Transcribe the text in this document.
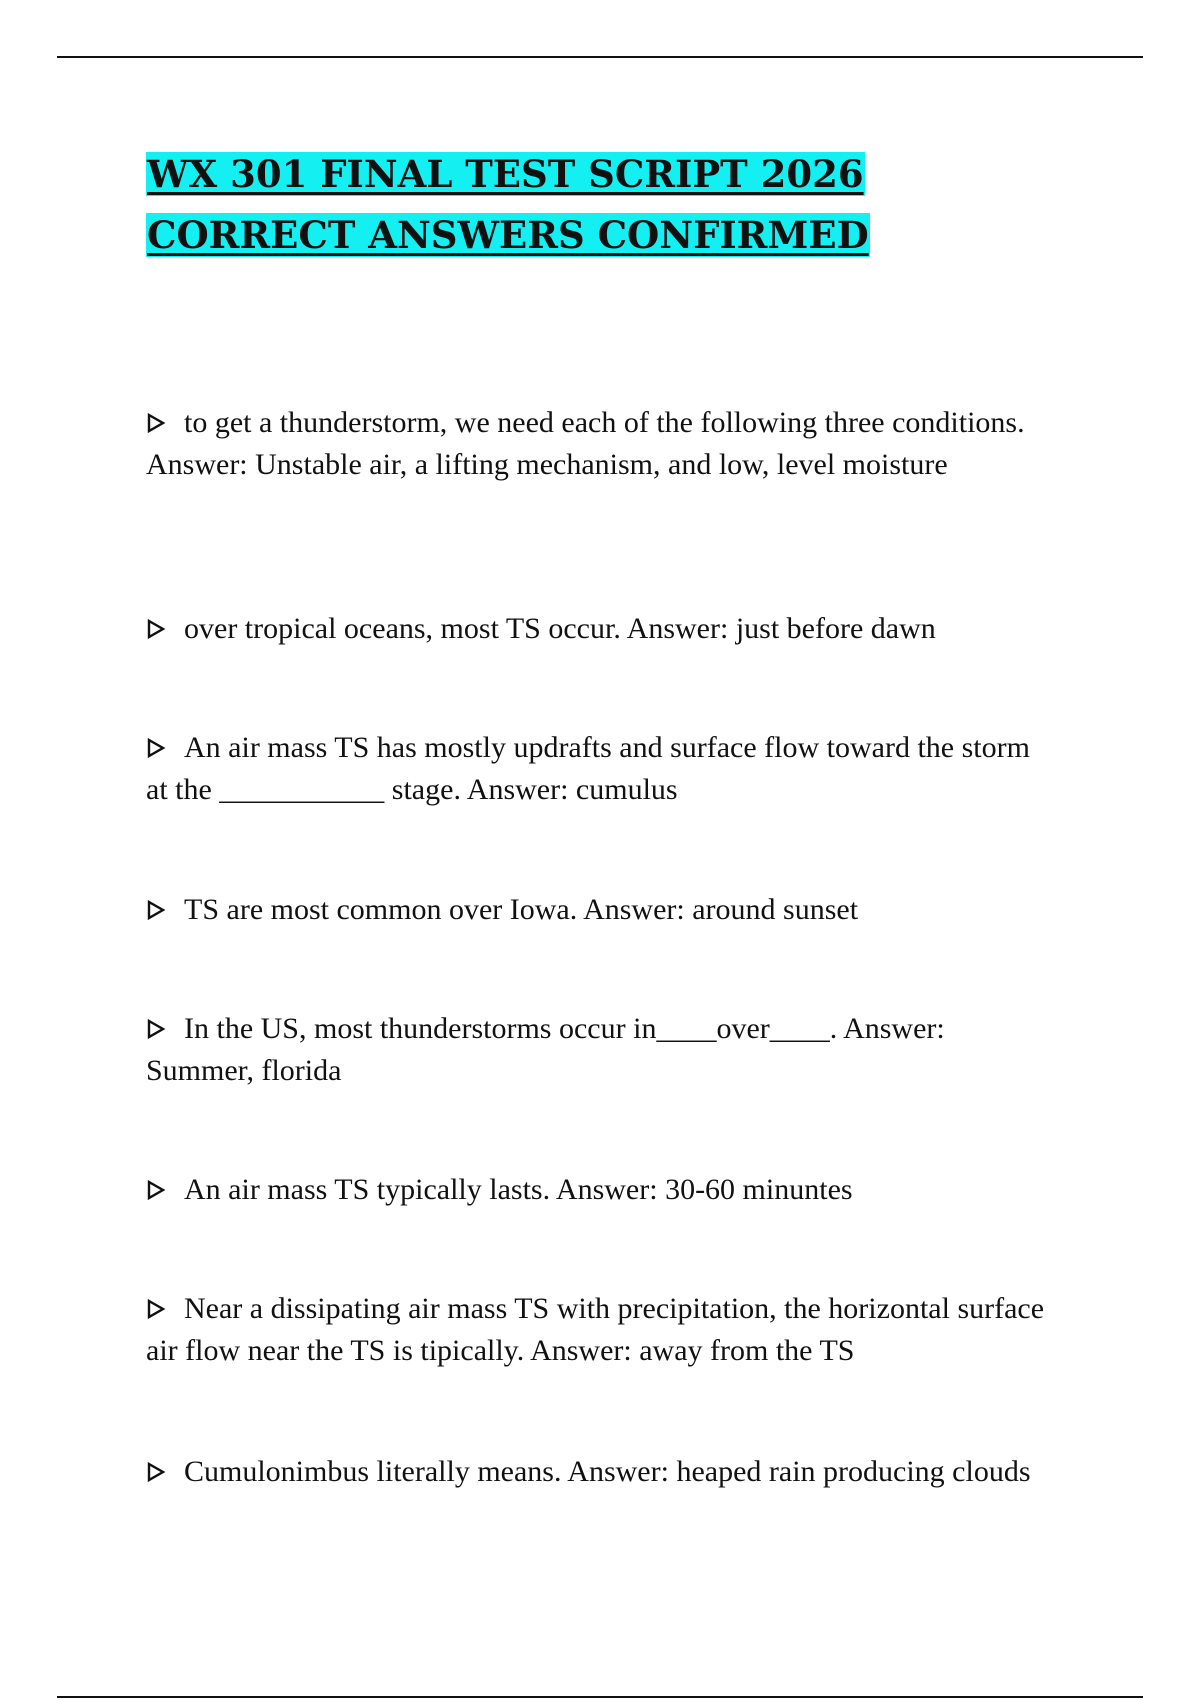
WX 301 FINAL TEST SCRIPT 2026 CORRECT ANSWERS CONFIRMED
to get a thunderstorm, we need each of the following three conditions. Answer: Unstable air, a lifting mechanism, and low, level moisture
over tropical oceans, most TS occur. Answer: just before dawn
An air mass TS has mostly updrafts and surface flow toward the storm at the ___________ stage. Answer: cumulus
TS are most common over Iowa. Answer: around sunset
In the US, most thunderstorms occur in____over____. Answer: Summer, florida
An air mass TS typically lasts. Answer: 30-60 minuntes
Near a dissipating air mass TS with precipitation, the horizontal surface air flow near the TS is tipically. Answer: away from the TS
Cumulonimbus literally means. Answer: heaped rain producing clouds
